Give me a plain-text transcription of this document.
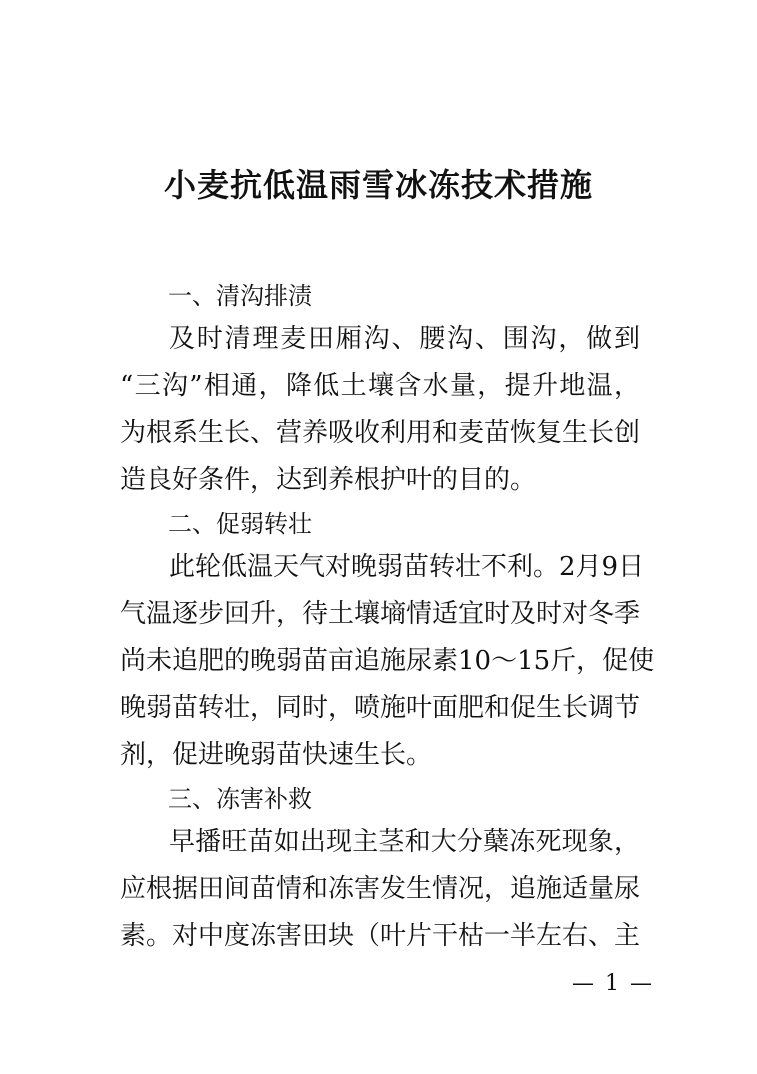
小麦抗低温雨雪冰冻技术措施
一、清沟排渍
及时清理麦田厢沟、腰沟、围沟，做到
“三沟”相通，降低土壤含水量，提升地温，
为根系生长、营养吸收利用和麦苗恢复生长创
造良好条件，达到养根护叶的目的。
二、促弱转壮
此轮低温天气对晚弱苗转壮不利。2月9日
气温逐步回升，待土壤墒情适宜时及时对冬季
尚未追肥的晚弱苗亩追施尿素10～15斤，促使
晚弱苗转壮，同时，喷施叶面肥和促生长调节
剂，促进晚弱苗快速生长。
三、冻害补救
早播旺苗如出现主茎和大分蘖冻死现象，
应根据田间苗情和冻害发生情况，追施适量尿
素。对中度冻害田块（叶片干枯一半左右、主
— 1 —
